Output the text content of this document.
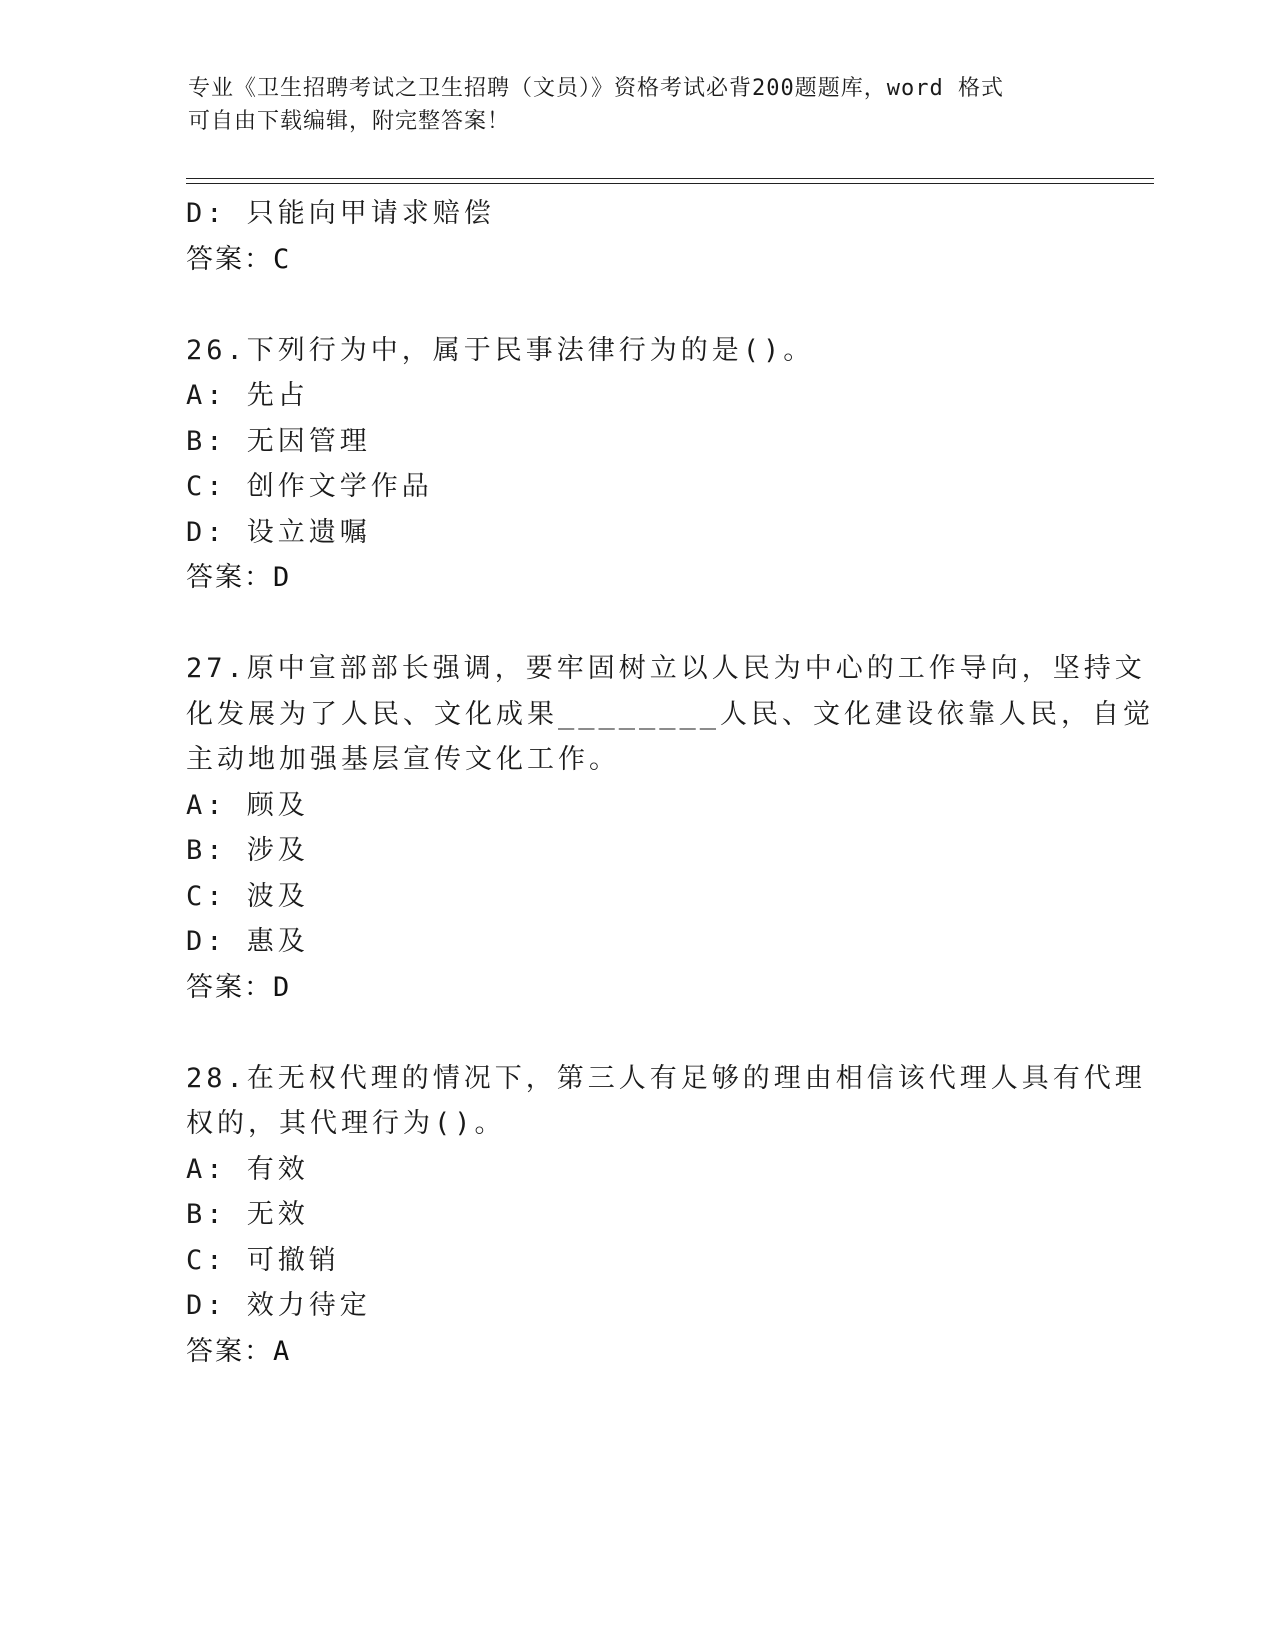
专业《卫生招聘考试之卫生招聘（文员）》资格考试必背200题题库，word 格式
可自由下载编辑，附完整答案！
D: 只能向甲请求赔偿
答案：C
26.下列行为中，属于民事法律行为的是()。
A: 先占
B: 无因管理
C: 创作文学作品
D: 设立遗嘱
答案：D
27.原中宣部部长强调，要牢固树立以人民为中心的工作导向，坚持文
化发展为了人民、文化成果________人民、文化建设依靠人民，自觉
主动地加强基层宣传文化工作。
A: 顾及
B: 涉及
C: 波及
D: 惠及
答案：D
28.在无权代理的情况下，第三人有足够的理由相信该代理人具有代理
权的，其代理行为()。
A: 有效
B: 无效
C: 可撤销
D: 效力待定
答案：A
